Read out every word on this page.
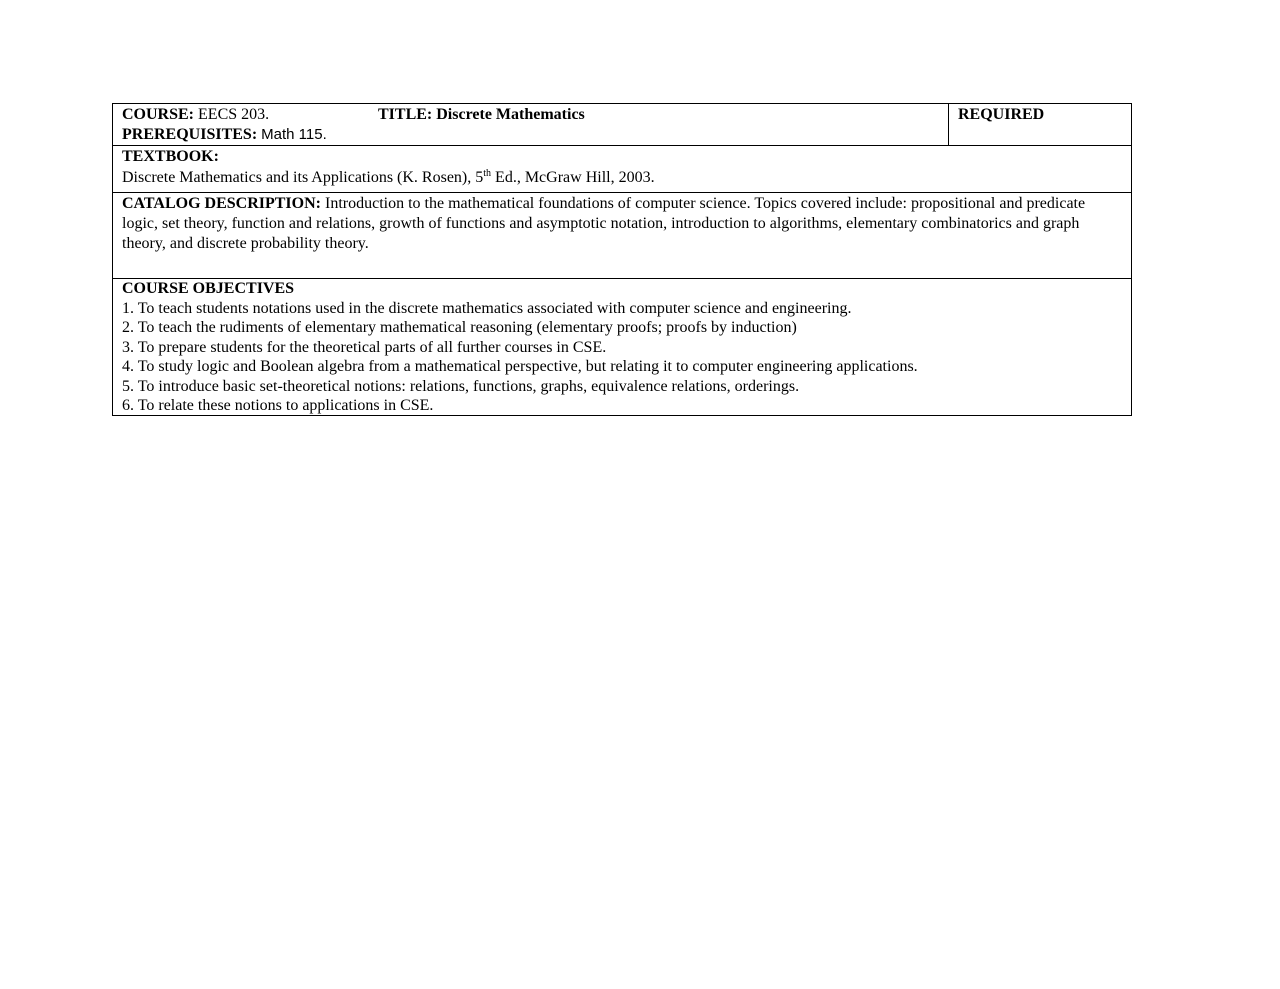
COURSE: EECS 203.	TITLE: Discrete Mathematics
PREREQUISITES: Math 115.
REQUIRED
TEXTBOOK:
Discrete Mathematics and its Applications (K. Rosen), 5th Ed., McGraw Hill, 2003.
CATALOG DESCRIPTION: Introduction to the mathematical foundations of computer science. Topics covered include: propositional and predicate logic, set theory, function and relations, growth of functions and asymptotic notation, introduction to algorithms, elementary combinatorics and graph theory, and discrete probability theory.
COURSE OBJECTIVES
1. To teach students notations used in the discrete mathematics associated with computer science and engineering.
2. To teach the rudiments of elementary mathematical reasoning (elementary proofs; proofs by induction)
3. To prepare students for the theoretical parts of all further courses in CSE.
4. To study logic and Boolean algebra from a mathematical perspective, but relating it to computer engineering applications.
5. To introduce basic set-theoretical notions: relations, functions, graphs, equivalence relations, orderings.
6. To relate these notions to applications in CSE.
